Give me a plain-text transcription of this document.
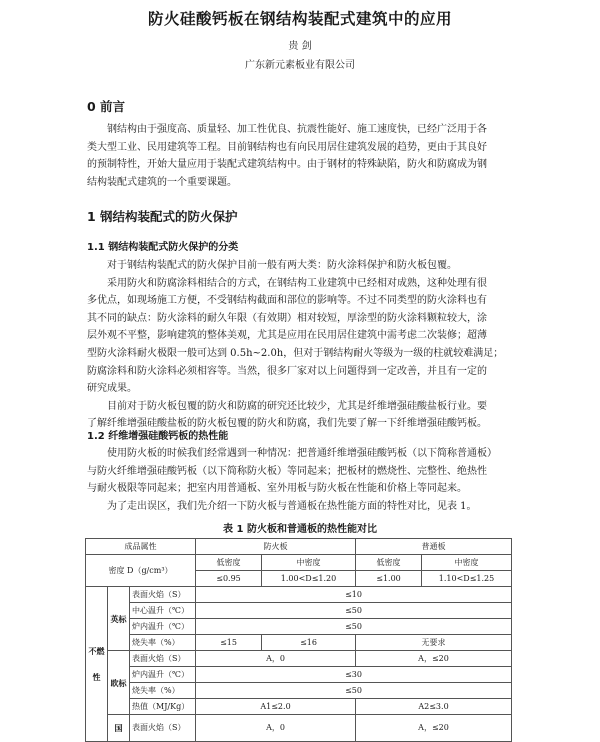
防火硅酸钙板在钢结构装配式建筑中的应用
贵 剑
广东新元素板业有限公司
0 前言
钢结构由于强度高、质量轻、加工性优良、抗震性能好、施工速度快，已经广泛用于各
类大型工业、民用建筑等工程。目前钢结构也有向民用居住建筑发展的趋势，更由于其良好
的预制特性，开始大量应用于装配式建筑结构中。由于钢材的特殊缺陷，防火和防腐成为钢
结构装配式建筑的一个重要课题。
1 钢结构装配式的防火保护
1.1 钢结构装配式防火保护的分类
对于钢结构装配式的防火保护目前一般有两大类：防火涂料保护和防火板包覆。
采用防火和防腐涂料相结合的方式，在钢结构工业建筑中已经相对成熟，这种处理有很
多优点，如现场施工方便，不受钢结构截面和部位的影响等。不过不同类型的防火涂料也有
其不同的缺点：防火涂料的耐久年限（有效期）相对较短，厚涂型的防火涂料颗粒较大，涂
层外观不平整，影响建筑的整体美观，尤其是应用在民用居住建筑中需考虑二次装修；超薄
型防火涂料耐火极限一般可达到 0.5h~2.0h，但对于钢结构耐火等级为一级的柱就较难满足；
防腐涂料和防火涂料必须相容等。当然，很多厂家对以上问题得到一定改善，并且有一定的
研究成果。
目前对于防火板包覆的防火和防腐的研究还比较少，尤其是纤维增强硅酸盐板行业。要
了解纤维增强硅酸盐板的防火板包覆的防火和防腐，我们先要了解一下纤维增强硅酸钙板。
1.2 纤维增强硅酸钙板的热性能
使用防火板的时候我们经常遇到一种情况：把普通纤维增强硅酸钙板（以下简称普通板）
与防火纤维增强硅酸钙板（以下简称防火板）等同起来；把板材的燃烧性、完整性、绝热性
与耐火极限等同起来；把室内用普通板、室外用板与防火板在性能和价格上等同起来。
为了走出误区，我们先介绍一下防火板与普通板在热性能方面的特性对比，见表 1。
表 1 防火板和普通板的热性能对比
成品属性			防火板		普通板	
密度 D（g/cm³）			低密度	中密度	低密度	中密度
			≤0.95	1.00<D≤1.20	≤1.00	1.10<D≤1.25
不燃性	英标	表面火焰（S）	≤10			
		中心温升（℃）	≤50			
		炉内温升（℃）	≤50			
		烧失率（%）	≤15	≤16	无要求	
	欧标	表面火焰（S）	A，0		A，≤20	
		炉内温升（℃）	≤30			
		烧失率（%）	≤50			
		热值（MJ/Kg）	A1≤2.0		A2≤3.0	
	国	表面火焰（S）	A，0		A，≤20	
